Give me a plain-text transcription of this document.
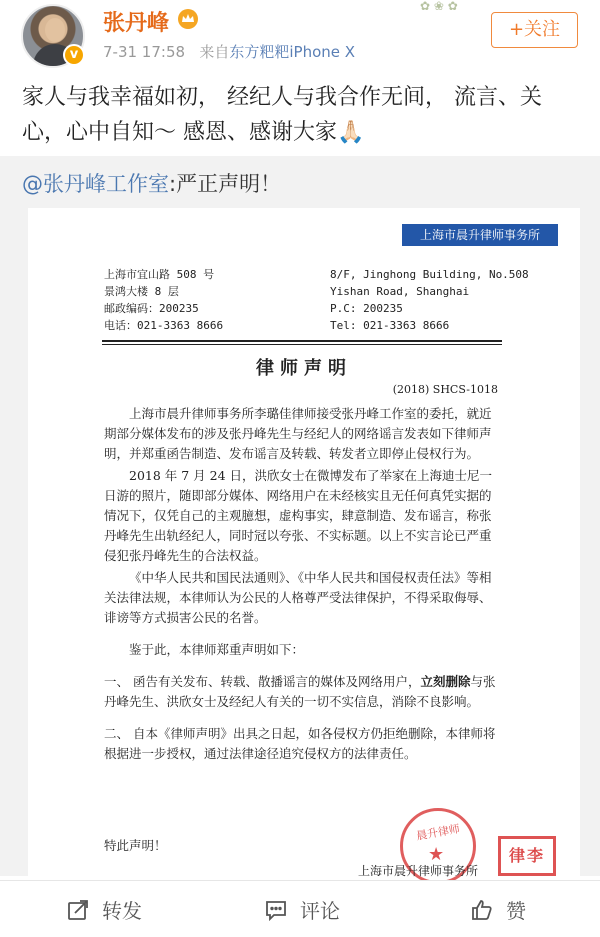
✿ ❀ ✿
v
张丹峰
7-31 17:58 来自东方粑粑iPhone X
+关注
家人与我幸福如初， 经纪人与我合作无间， 流言、关心，心中自知～ 感恩、感谢大家🙏🏻
@张丹峰工作室:严正声明！
上海市晨升律师事务所
上海市宜山路 508 号
景鸿大楼 8 层
邮政编码：200235
电话：021-3363 8666
8/F, Jinghong Building, No.508
Yishan Road, Shanghai
P.C: 200235
Tel: 021-3363 8666
律师声明
(2018) SHCS-1018

上海市晨升律师事务所李璐佳律师接受张丹峰工作室的委托，就近期部分媒体发布的涉及张丹峰先生与经纪人的网络谣言发表如下律师声明，并郑重函告制造、发布谣言及转载、转发者立即停止侵权行为。

2018 年 7 月 24 日，洪欣女士在微博发布了举家在上海迪士尼一日游的照片，随即部分媒体、网络用户在未经核实且无任何真凭实据的情况下，仅凭自己的主观臆想，虚构事实，肆意制造、发布谣言，称张丹峰先生出轨经纪人，同时冠以夸张、不实标题。以上不实言论已严重侵犯张丹峰先生的合法权益。

《中华人民共和国民法通则》、《中华人民共和国侵权责任法》等相关法律法规，本律师认为公民的人格尊严受法律保护，不得采取侮辱、诽谤等方式损害公民的名誉。

鉴于此，本律师郑重声明如下：

一、 函告有关发布、转载、散播谣言的媒体及网络用户，立刻删除与张丹峰先生、洪欣女士及经纪人有关的一切不实信息，消除不良影响。

二、 自本《律师声明》出具之日起，如各侵权方仍拒绝删除，本律师将根据进一步授权，通过法律途径追究侵权方的法律责任。

特此声明！
晨升律师
★
上海市晨升律师事务所
律李
转发	评论	赞
